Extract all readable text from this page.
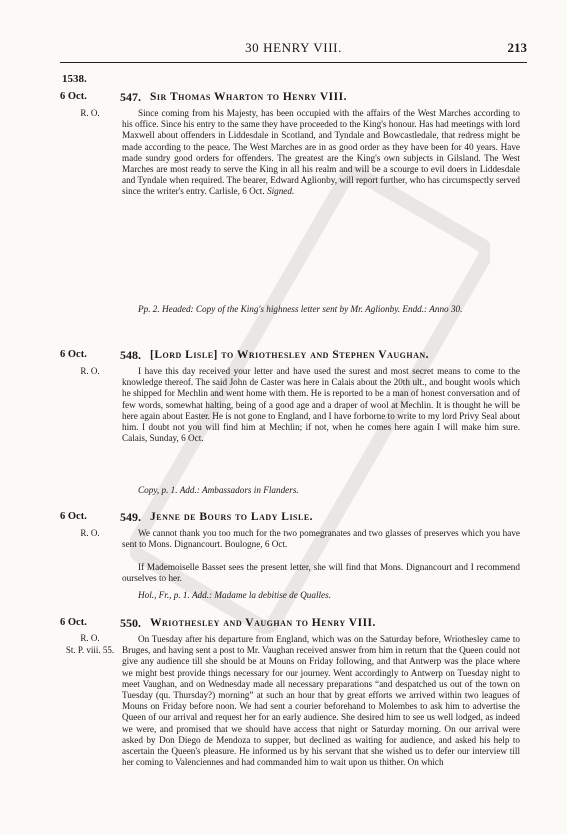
30 HENRY VIII.	213
1538.
6 Oct.
R. O.
547. Sir Thomas Wharton to Henry VIII.

Since coming from his Majesty, has been occupied with the affairs of the West Marches according to his office. Since his entry to the same they have proceeded to the King's honour. Has had meetings with lord Maxwell about offenders in Liddesdale in Scotland, and Tyndale and Bowcastledale, that redress might be made according to the peace. The West Marches are in as good order as they have been for 40 years. Have made sundry good orders for offenders. The greatest are the King's own subjects in Gilsland. The West Marches are most ready to serve the King in all his realm and will be a scourge to evil doers in Liddesdale and Tyndale when required. The bearer, Edward Aglionby, will report further, who has circumspectly served since the writer's entry. Carlisle, 6 Oct. Signed.

Pp. 2. Headed: Copy of the King's highness letter sent by Mr. Aglionby. Endd.: Anno 30.
6 Oct.
R. O.
548. [Lord Lisle] to Wriothesley and Stephen Vaughan.

I have this day received your letter and have used the surest and most secret means to come to the knowledge thereof. The said John de Caster was here in Calais about the 20th ult., and bought wools which he shipped for Mechlin and went home with them. He is reported to be a man of honest conversation and of few words, somewhat halting, being of a good age and a draper of wool at Mechlin. It is thought he will be here again about Easter. He is not gone to England, and I have forborne to write to my lord Privy Seal about him. I doubt not you will find him at Mechlin; if not, when he comes here again I will make him sure. Calais, Sunday, 6 Oct.

Copy, p. 1. Add.: Ambassadors in Flanders.
6 Oct.
R. O.
549. Jenne de Bours to Lady Lisle.

We cannot thank you too much for the two pomegranates and two glasses of preserves which you have sent to Mons. Dignancourt. Boulogne, 6 Oct.

If Mademoiselle Basset sees the present letter, she will find that Mons. Dignancourt and I recommend ourselves to her.

Hol., Fr., p. 1. Add.: Madame la debitise de Qualles.
6 Oct.
R. O.
St. P. viii. 55.
550. Wriothesley and Vaughan to Henry VIII.

On Tuesday after his departure from England, which was on the Saturday before, Wriothesley came to Bruges, and having sent a post to Mr. Vaughan received answer from him in return that the Queen could not give any audience till she should be at Mouns on Friday following, and that Antwerp was the place where we might best provide things necessary for our journey. Went accordingly to Antwerp on Tuesday night to meet Vaughan, and on Wednesday made all necessary preparations “and despatched us out of the town on Tuesday (qu. Thursday?) morning” at such an hour that by great efforts we arrived within two leagues of Mouns on Friday before noon. We had sent a courier beforehand to Molembes to ask him to advertise the Queen of our arrival and request her for an early audience. She desired him to see us well lodged, as indeed we were, and promised that we should have access that night or Saturday morning. On our arrival were asked by Don Diego de Mendoza to supper, but declined as waiting for audience, and asked his help to ascertain the Queen's pleasure. He informed us by his servant that she wished us to defer our interview till her coming to Valenciennes and had commanded him to wait upon us thither. On which
